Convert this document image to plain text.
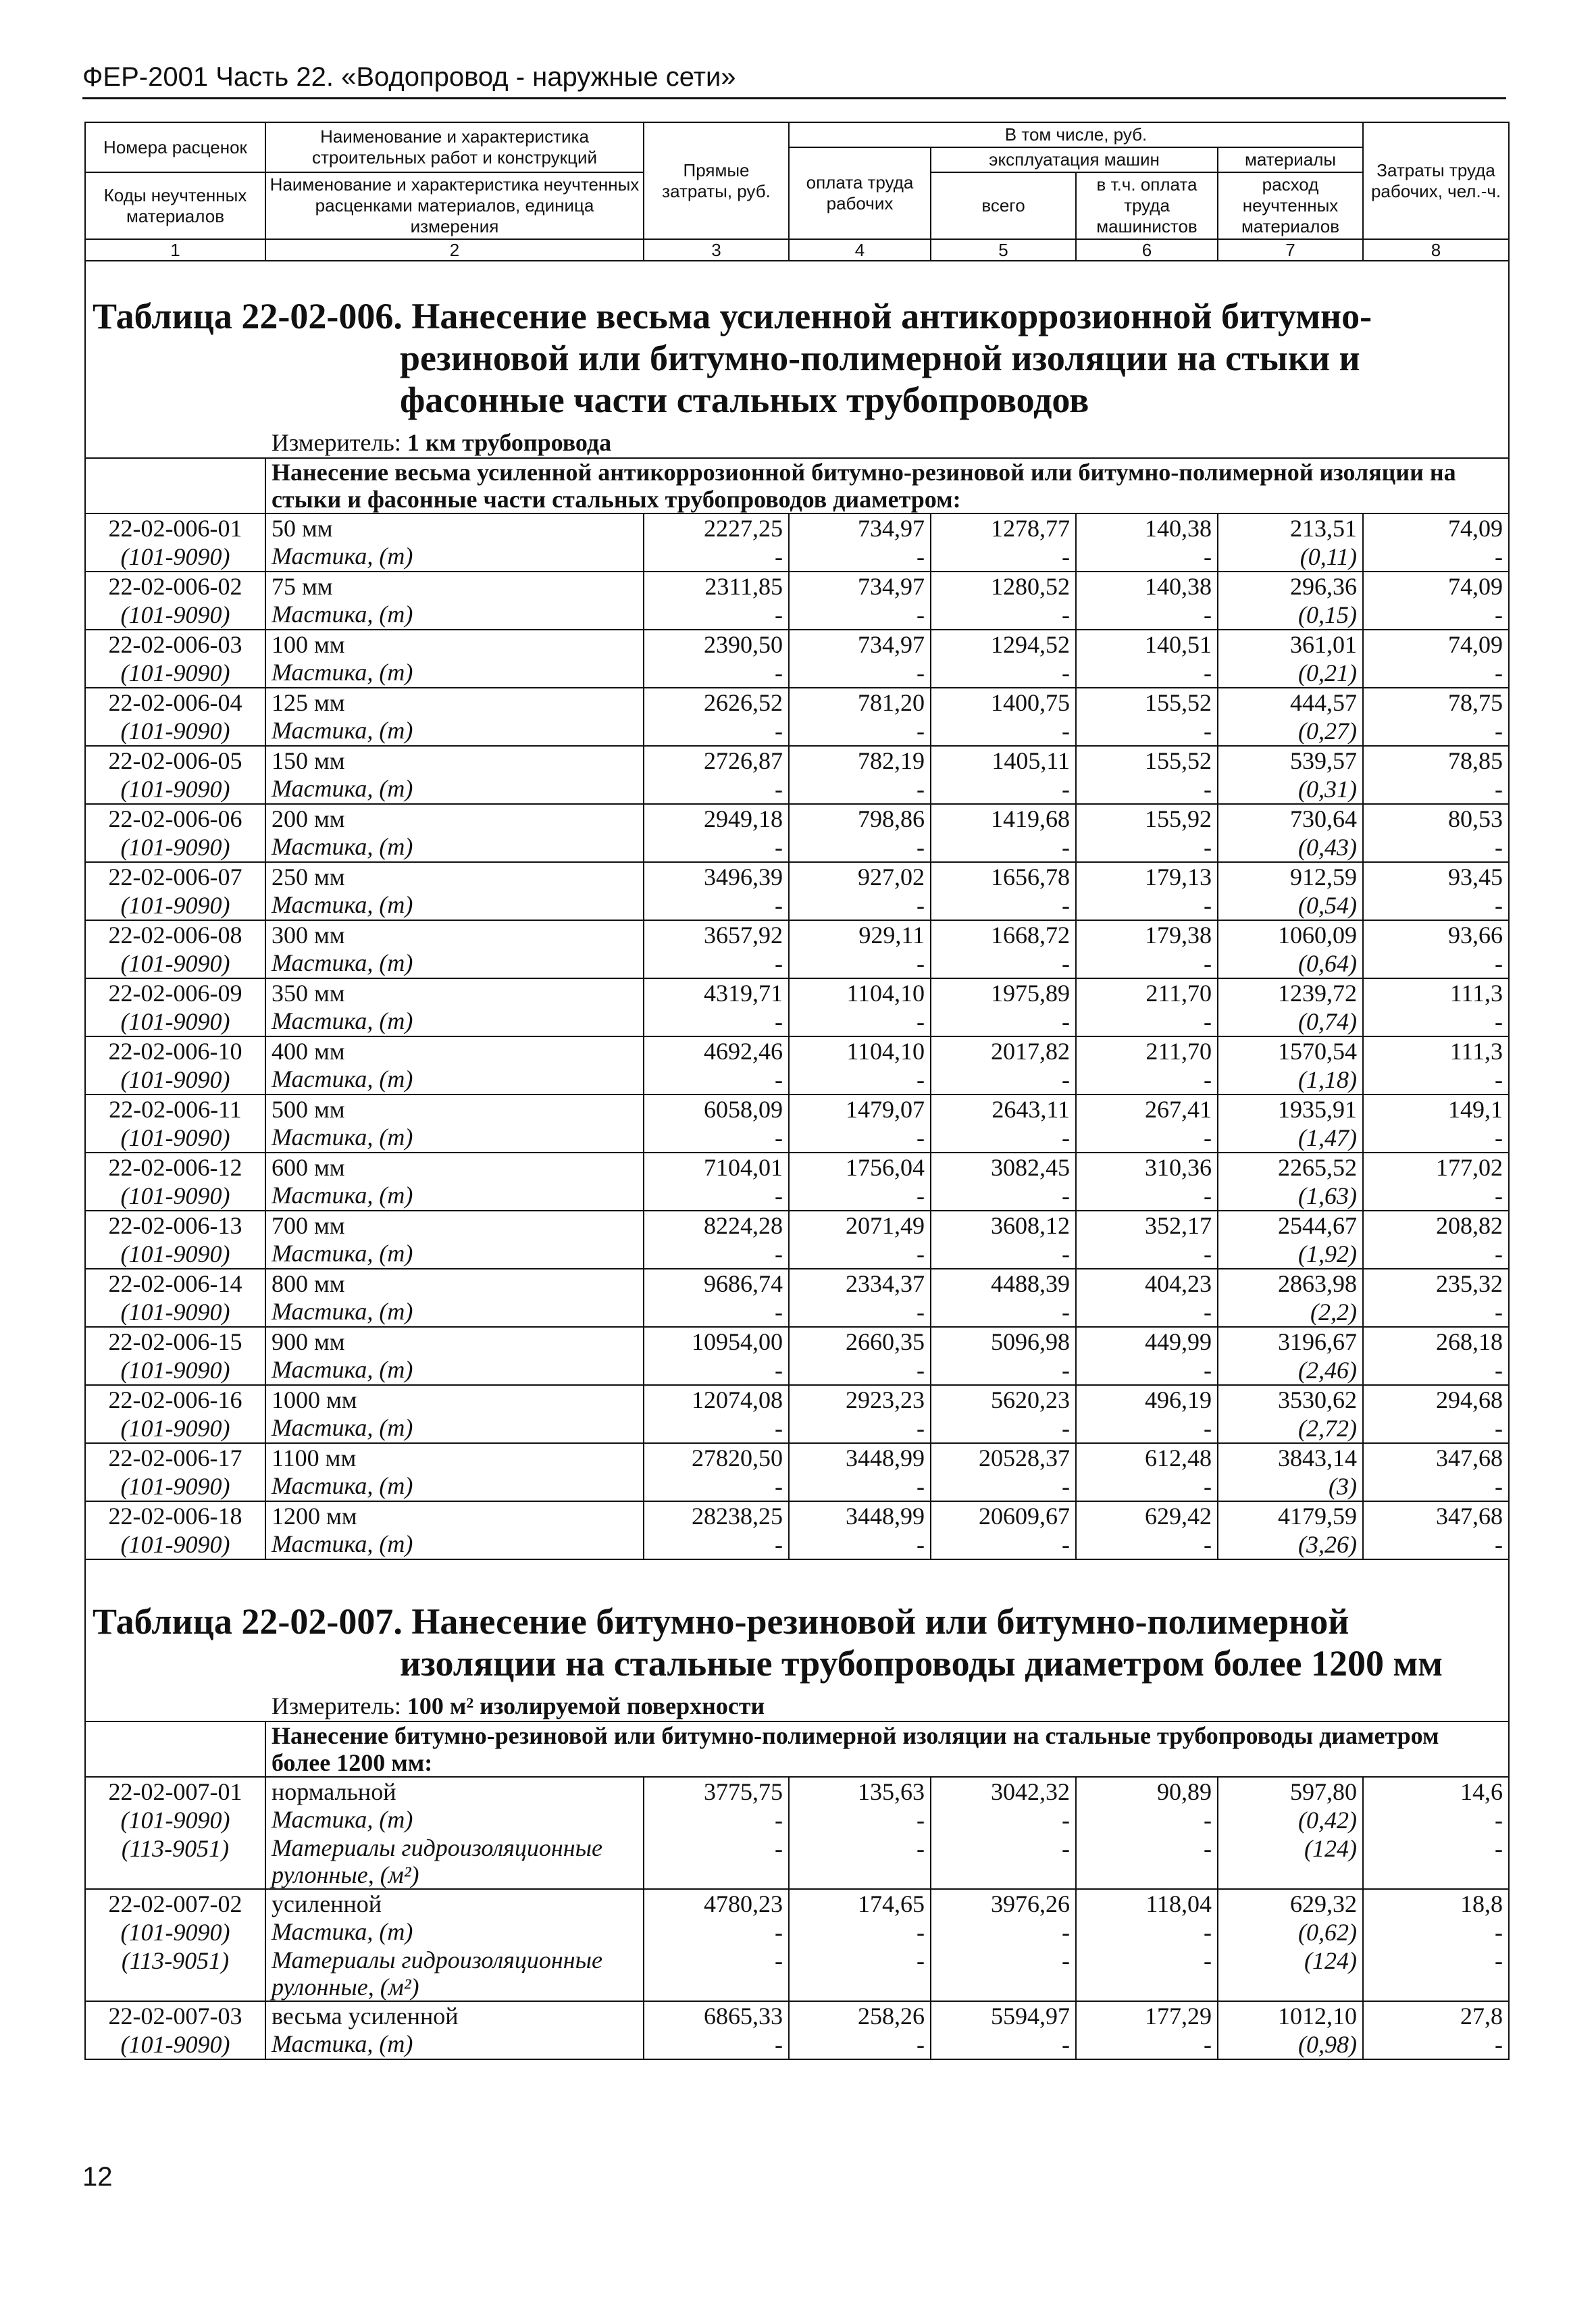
ФЕР-2001 Часть 22. «Водопровод - наружные сети»
Номера расценок	Наименование и характеристика строительных работ и конструкций	Прямые затраты, руб.	В том числе, руб.				Затраты труда рабочих, чел.-ч.
			оплата труда рабочих	эксплуатация машин		материалы	
Коды неучтенных материалов	Наименование и характеристика неучтенных расценками материалов, единица измерения			всего	в т.ч. оплата труда машинистов	расход неучтенных материалов	

1	2	3	4	5	6	7	8

Таблица 22-02-006. Нанесение весьма усиленной антикоррозионной битумно-резиновой или битумно-полимерной изоляции на стыки и фасонные части стальных трубопроводов
Измеритель: 1 км трубопровода							

	Нанесение весьма усиленной антикоррозионной битумно-резиновой или битумно-полимерной изоляции на стыки и фасонные части стальных трубопроводов диаметром:						
22-02-006-01	50 мм	2227,25	734,97	1278,77	140,38	213,51	74,09
(101-9090)	Мастика, (т)	-	-	-	-	(0,11)	-
22-02-006-02	75 мм	2311,85	734,97	1280,52	140,38	296,36	74,09
(101-9090)	Мастика, (т)	-	-	-	-	(0,15)	-
22-02-006-03	100 мм	2390,50	734,97	1294,52	140,51	361,01	74,09
(101-9090)	Мастика, (т)	-	-	-	-	(0,21)	-
22-02-006-04	125 мм	2626,52	781,20	1400,75	155,52	444,57	78,75
(101-9090)	Мастика, (т)	-	-	-	-	(0,27)	-
22-02-006-05	150 мм	2726,87	782,19	1405,11	155,52	539,57	78,85
(101-9090)	Мастика, (т)	-	-	-	-	(0,31)	-
22-02-006-06	200 мм	2949,18	798,86	1419,68	155,92	730,64	80,53
(101-9090)	Мастика, (т)	-	-	-	-	(0,43)	-
22-02-006-07	250 мм	3496,39	927,02	1656,78	179,13	912,59	93,45
(101-9090)	Мастика, (т)	-	-	-	-	(0,54)	-
22-02-006-08	300 мм	3657,92	929,11	1668,72	179,38	1060,09	93,66
(101-9090)	Мастика, (т)	-	-	-	-	(0,64)	-
22-02-006-09	350 мм	4319,71	1104,10	1975,89	211,70	1239,72	111,3
(101-9090)	Мастика, (т)	-	-	-	-	(0,74)	-
22-02-006-10	400 мм	4692,46	1104,10	2017,82	211,70	1570,54	111,3
(101-9090)	Мастика, (т)	-	-	-	-	(1,18)	-
22-02-006-11	500 мм	6058,09	1479,07	2643,11	267,41	1935,91	149,1
(101-9090)	Мастика, (т)	-	-	-	-	(1,47)	-
22-02-006-12	600 мм	7104,01	1756,04	3082,45	310,36	2265,52	177,02
(101-9090)	Мастика, (т)	-	-	-	-	(1,63)	-
22-02-006-13	700 мм	8224,28	2071,49	3608,12	352,17	2544,67	208,82
(101-9090)	Мастика, (т)	-	-	-	-	(1,92)	-
22-02-006-14	800 мм	9686,74	2334,37	4488,39	404,23	2863,98	235,32
(101-9090)	Мастика, (т)	-	-	-	-	(2,2)	-
22-02-006-15	900 мм	10954,00	2660,35	5096,98	449,99	3196,67	268,18
(101-9090)	Мастика, (т)	-	-	-	-	(2,46)	-
22-02-006-16	1000 мм	12074,08	2923,23	5620,23	496,19	3530,62	294,68
(101-9090)	Мастика, (т)	-	-	-	-	(2,72)	-
22-02-006-17	1100 мм	27820,50	3448,99	20528,37	612,48	3843,14	347,68
(101-9090)	Мастика, (т)	-	-	-	-	(3)	-
22-02-006-18	1200 мм	28238,25	3448,99	20609,67	629,42	4179,59	347,68
(101-9090)	Мастика, (т)	-	-	-	-	(3,26)	-

Таблица 22-02-007. Нанесение битумно-резиновой или битумно-полимерной изоляции на стальные трубопроводы диаметром более 1200 мм
Измеритель: 100 м² изолируемой поверхности							

	Нанесение битумно-резиновой или битумно-полимерной изоляции на стальные трубопроводы диаметром более 1200 мм:						
22-02-007-01	нормальной	3775,75	135,63	3042,32	90,89	597,80	14,6
(101-9090)	Мастика, (т)	-	-	-	-	(0,42)	-
(113-9051)	Материалы гидроизоляционные рулонные, (м²)	-	-	-	-	(124)	-
22-02-007-02	усиленной	4780,23	174,65	3976,26	118,04	629,32	18,8
(101-9090)	Мастика, (т)	-	-	-	-	(0,62)	-
(113-9051)	Материалы гидроизоляционные рулонные, (м²)	-	-	-	-	(124)	-
22-02-007-03	весьма усиленной	6865,33	258,26	5594,97	177,29	1012,10	27,8
(101-9090)	Мастика, (т)	-	-	-	-	(0,98)	-
12
